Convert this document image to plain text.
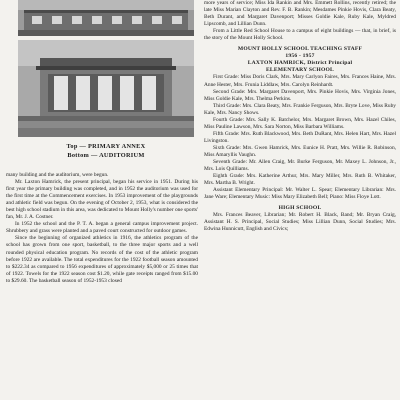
Top — PRIMARY ANNEX
Bottom — AUDITORIUM

many building and the auditorium, were begun.

Mr. Laxton Hamrick, the present principal, began his service in 1951. During his first year the primary building was completed, and in 1952 the auditorium was used for the first time at the Commencement exercises. In 1953 improvement of the playgrounds and athletic field was begun. On the evening of October 2, 1953, what is considered the best high school stadium in this area, was dedicated to Mount Holly's number one sports' fan, Mr. J. A. Costner.

In 1952 the school and the P. T. A. began a general campus improvement project. Shrubbery and grass were planted and a paved court constructed for outdoor games.

Since the beginning of organized athletics in 1916, the athletics program of the school has grown from one sport, basketball, to the three major sports and a well rounded physical education program. No records of the cost of the athletic program before 1922 are available. The total expenditures for the 1922 football season amounted to $222.34 as compared to 1956 expenditures of approximately $5,000 or 25 times that of 1922. Towels for the 1922 season cost $1.20, while gate receipts ranged from $15.00 to $29.60. The basketball season of 1952-1953 closed

more years of service; Miss Ida Rankin and Mrs. Emmett Rollins, recently retired; the late Miss Marian Clayton and Rev. F. B. Rankin; Mesdames Pinkie Hovis, Clara Beaty, Beth Durant, and Margaret Davenport; Misses Goldie Kale, Ruby Kale, Myldred Lipscomb, and Lillian Dunn.

From a Little Red School House to a campus of eight buildings — that, in brief, is the story of the Mount Holly School.

MOUNT HOLLY SCHOOL TEACHING STAFF
1956 - 1957
LAXTON HAMRICK, District Principal
ELEMENTARY SCHOOL

First Grade: Miss Doris Clark, Mrs. Mary Carlyon Faires, Mrs. Frances Haine, Mrs. Anne Hester, Mrs. Frunia Liddlaw, Mrs. Carolyn Reinhardt.

Second Grade: Mrs. Margaret Davenport, Mrs. Pinkie Hovis, Mrs. Virginia Jones, Miss Goldie Kale, Mrs. Thelma Perkins.

Third Grade: Mrs. Clara Beaty, Mrs. Frankie Ferguson, Mrs. Bryte Love, Miss Ruby Kale, Mrs. Nancy Shows.

Fourth Grade: Mrs. Sally K. Batchelor, Mrs. Margaret Brown, Mrs. Hazel Chiles, Miss Pauline Lawson, Mrs. Sara Norton, Miss Barbara Williams.

Fifth Grade: Mrs. Ruth Blackwood, Mrs. Beth DuRant, Mrs. Helen Hart, Mrs. Hazel Livingston.

Sixth Grade: Mrs. Gwen Hamrick, Mrs. Eunice H. Pratt, Mrs. Willie R. Robinson, Miss Amaryllis Vaughn.

Seventh Grade: Mr. Allen Craig, Mr. Burke Ferguson, Mr. Maxey L. Johnson, Jr., Mrs. Lois Quilliams.

Eighth Grade: Mrs. Katherine Arthur, Mrs. Mary Miller, Mrs. Ruth B. Whitaker, Mrs. Martha B. Wright.

Assistant Elementary Principal: Mr. Walter L. Spear; Elementary Librarian: Mrs. Jane Ware; Elementary Music: Miss Mary Elizabeth Bell; Piano: Miss Floye Lott.

HIGH SCHOOL

Mrs. Frances Beaver, Librarian; Mr. Robert H. Black, Band; Mr. Bryan Craig, Assistant H. S. Principal, Social Studies; Miss Lillian Dunn, Social Studies; Mrs. Edwina Hunnicutt, English and Civics;
